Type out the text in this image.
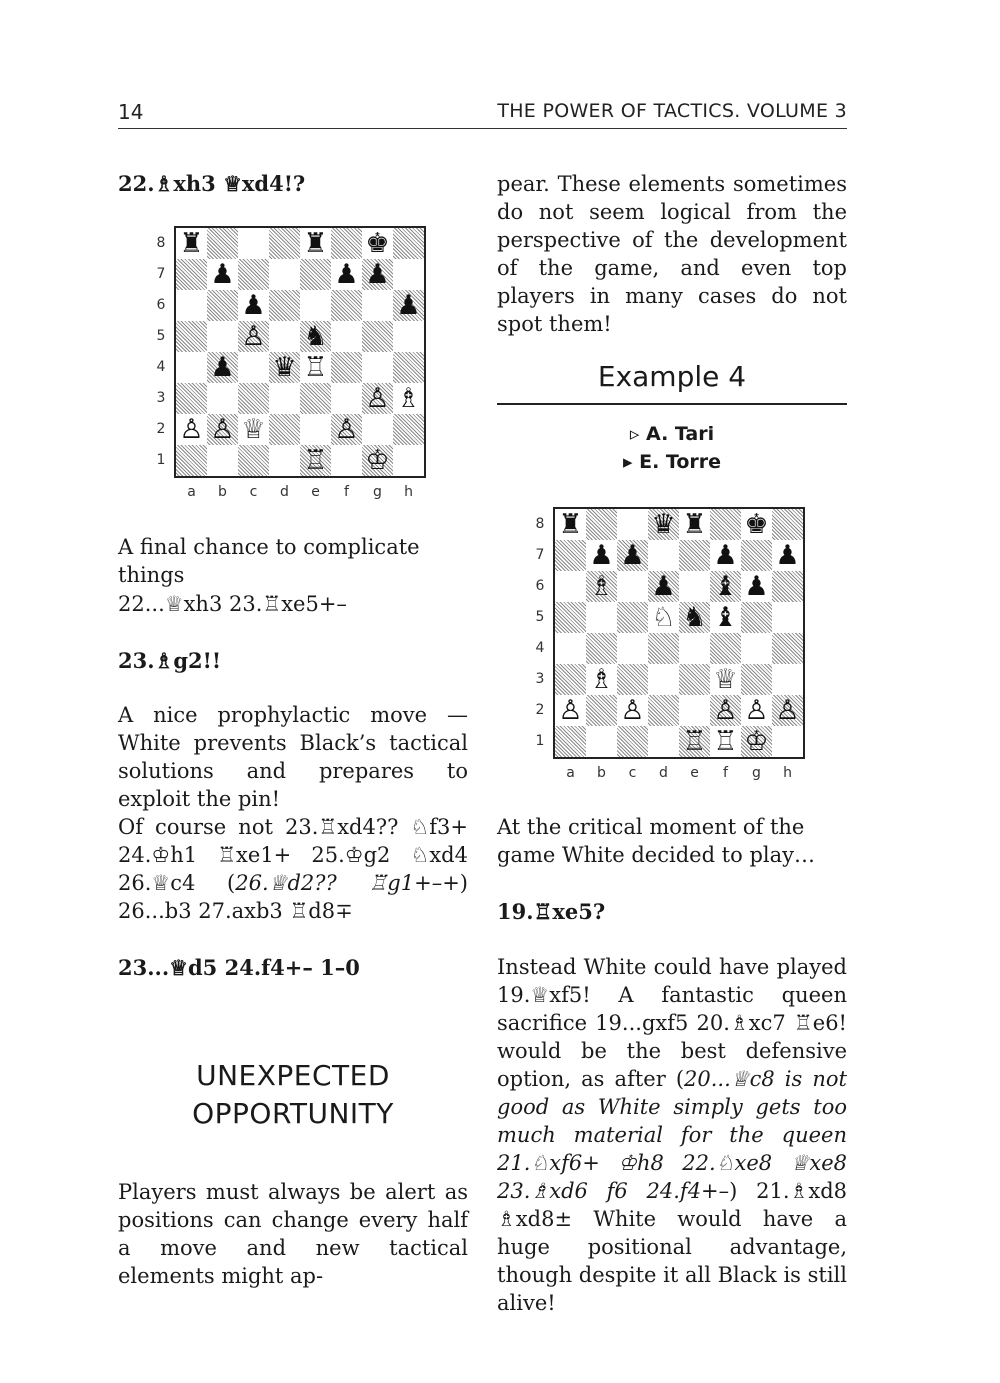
14	THE POWER OF TACTICS. VOLUME 3
22.♗xh3 ♕xd4!?
♜	♜ ♚
♟	♟ ♟
♟	♟
♙ ♞
♟ ♛ ♖
♙ ♗
♙ ♙ ♕	♙
♖ ♔
8
7
6
5
4
3
2
1
a	b	c	d	e	f	g	h
A final chance to complicate things
22...♕xh3 23.♖xe5+–
23.♗g2!!
A nice prophylactic move — White prevents Black’s tactical solutions and prepares to exploit the pin!
Of course not 23.♖xd4?? ♘f3+ 24.♔h1 ♖xe1+ 25.♔g2 ♘xd4 26.♕c4 (26.♕d2?? ♖g1+–+) 26...b3 27.axb3 ♖d8∓
23...♕d5 24.f4+– 1–0
UNEXPECTED
OPPORTUNITY
Players must always be alert as positions can change every half a move and new tactical elements might ap-
pear. These elements sometimes do not seem logical from the perspective of the development of the game, and even top players in many cases do not spot them!
Example 4
▹ A. Tari
▸ E. Torre
♜	♛ ♜ ♚
♟ ♟	♟ ♟
♗ ♟ ♝ ♟
♘ ♞ ♝
♗	♕
♙ ♙	♙ ♙ ♙
♖ ♖ ♔
8
7
6
5
4
3
2
1
a	b	c	d	e	f	g	h
At the critical moment of the game White decided to play…
19.♖xe5?
Instead White could have played 19.♕xf5! A fantastic queen sacrifice 19...gxf5 20.♗xc7 ♖e6! would be the best defensive option, as after (20...♕c8 is not good as White simply gets too much material for the queen 21.♘xf6+ ♔h8 22.♘xe8 ♕xe8 23.♗xd6 f6 24.f4+–) 21.♗xd8 ♗xd8± White would have a huge positional advantage, though despite it all Black is still alive!
